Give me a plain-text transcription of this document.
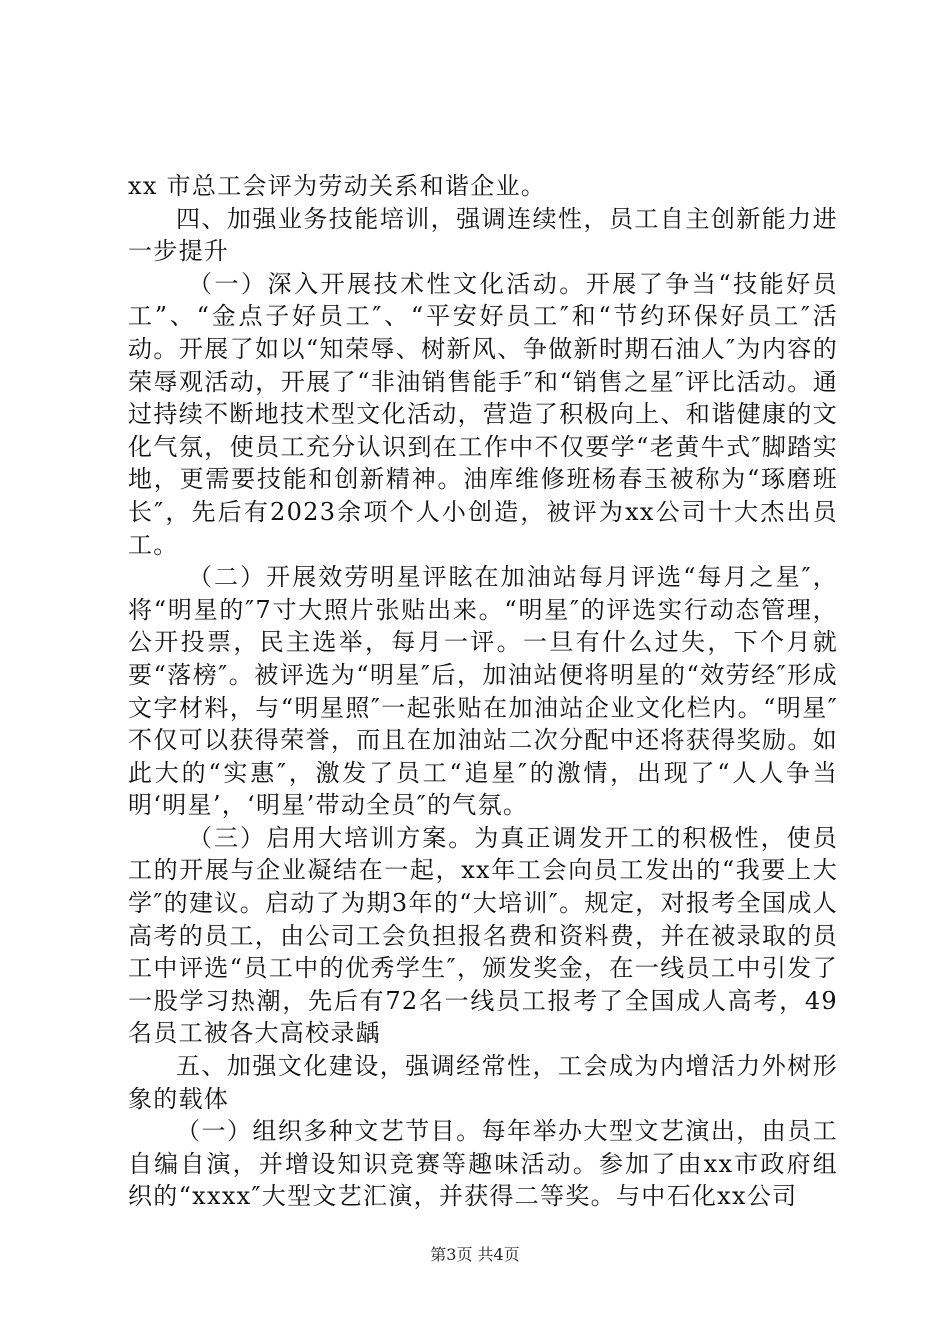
xx 市总工会评为劳动关系和谐企业。

四、加强业务技能培训，强调连续性，员工自主创新能力进一步提升

（一）深入开展技术性文化活动。开展了争当“技能好员工”、“金点子好员工″、“平安好员工″和“节约环保好员工″活动。开展了如以“知荣辱、树新风、争做新时期石油人″为内容的荣辱观活动，开展了“非油销售能手″和“销售之星″评比活动。通过持续不断地技术型文化活动，营造了积极向上、和谐健康的文化气氛，使员工充分认识到在工作中不仅要学“老黄牛式″脚踏实地，更需要技能和创新精神。油库维修班杨春玉被称为“琢磨班长″，先后有2023余项个人小创造，被评为xx公司十大杰出员工。

（二）开展效劳明星评眩在加油站每月评选“每月之星″，将“明星的″7寸大照片张贴出来。“明星″的评选实行动态管理，公开投票，民主选举，每月一评。一旦有什么过失，下个月就要“落榜″。被评选为“明星″后，加油站便将明星的“效劳经″形成文字材料，与“明星照″一起张贴在加油站企业文化栏内。“明星″不仅可以获得荣誉，而且在加油站二次分配中还将获得奖励。如此大的“实惠″，激发了员工“追星″的激情，出现了“人人争当明‘明星’，‘明星’带动全员″的气氛。

（三）启用大培训方案。为真正调发开工的积极性，使员工的开展与企业凝结在一起，xx年工会向员工发出的“我要上大学″的建议。启动了为期3年的“大培训″。规定，对报考全国成人高考的员工，由公司工会负担报名费和资料费，并在被录取的员工中评选“员工中的优秀学生″，颁发奖金，在一线员工中引发了一股学习热潮，先后有72名一线员工报考了全国成人高考，49名员工被各大高校录龋

五、加强文化建设，强调经常性，工会成为内增活力外树形象的载体

（一）组织多种文艺节目。每年举办大型文艺演出，由员工自编自演，并增设知识竞赛等趣味活动。参加了由xx市政府组织的“xxxx″大型文艺汇演，并获得二等奖。与中石化xx公司

第3页 共4页
